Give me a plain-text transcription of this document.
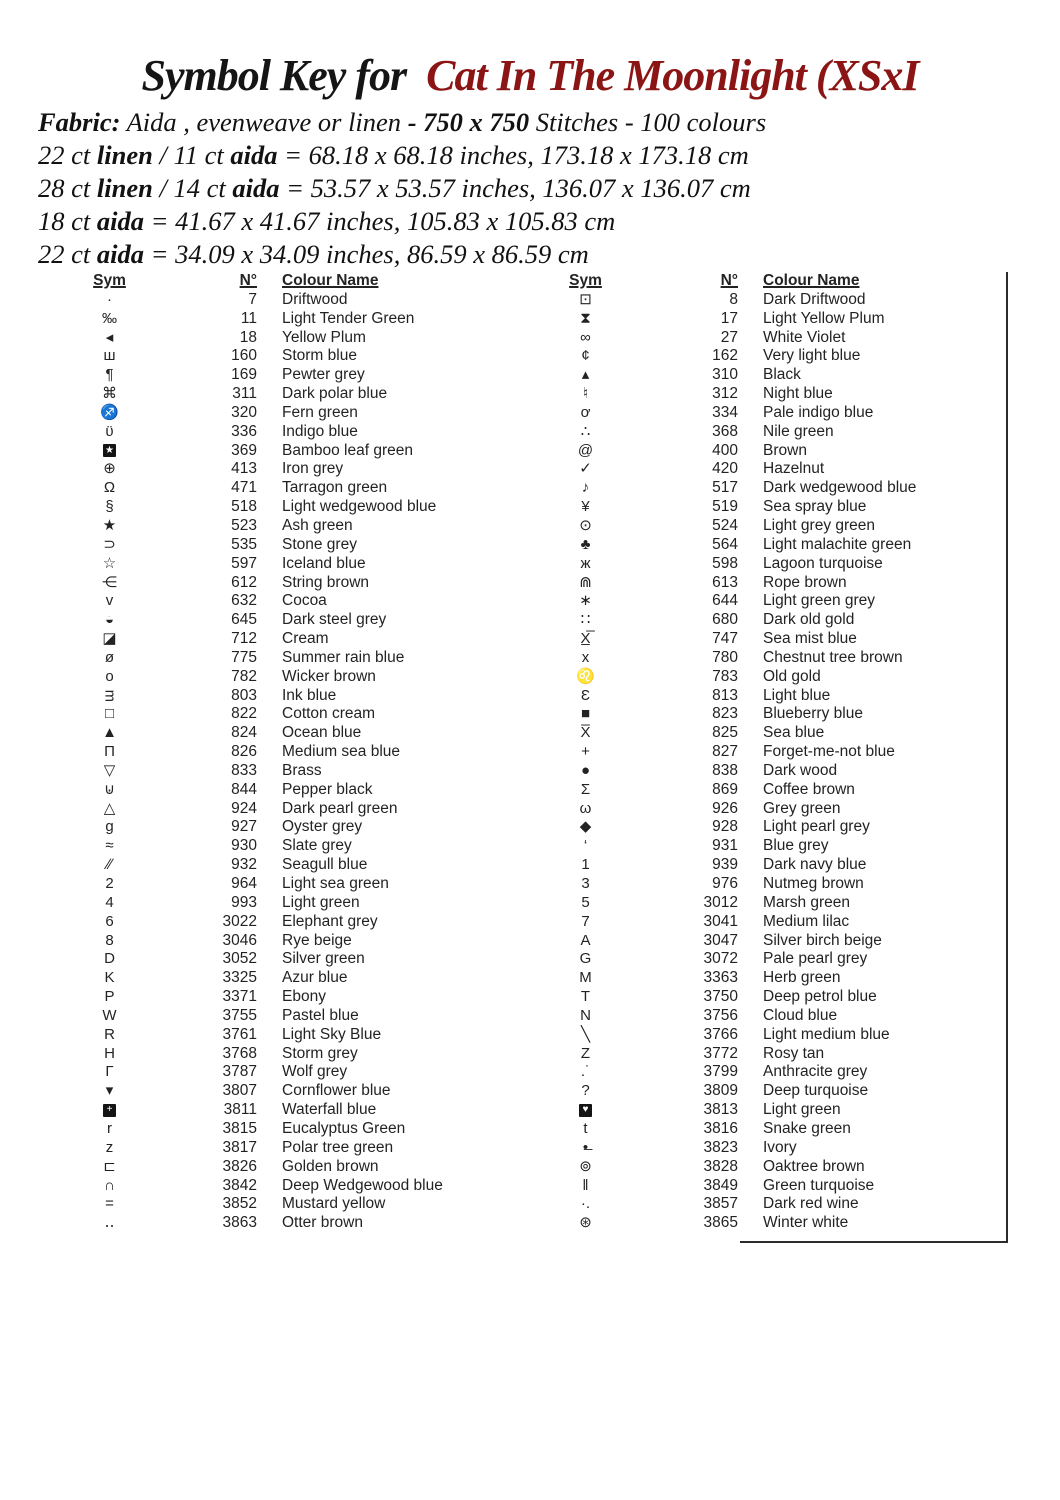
Symbol Key for Cat In The Moonlight (XSxI
Fabric: Aida , evenweave or linen - 750 x 750 Stitches - 100 colours
22 ct linen / 11 ct aida = 68.18 x 68.18 inches, 173.18 x 173.18 cm
28 ct linen / 14 ct aida = 53.57 x 53.57 inches, 136.07 x 136.07 cm
18 ct aida = 41.67 x 41.67 inches, 105.83 x 105.83 cm
22 ct aida = 34.09 x 34.09 inches, 86.59 x 86.59 cm
Sym	N°	Colour Name
·	7	Driftwood
‰	11	Light Tender Green
◂	18	Yellow Plum
ш	160	Storm blue
¶	169	Pewter grey
⌘	311	Dark polar blue
♐	320	Fern green
ϋ	336	Indigo blue
★	369	Bamboo leaf green
⊕	413	Iron grey
Ω	471	Tarragon green
§	518	Light wedgewood blue
★	523	Ash green
⊃	535	Stone grey
☆	597	Iceland blue
⋲	612	String brown
v	632	Cocoa
◒	645	Dark steel grey
◪	712	Cream
ø	775	Summer rain blue
o	782	Wicker brown
ᴟ	803	Ink blue
□	822	Cotton cream
▲	824	Ocean blue
Π	826	Medium sea blue
▽	833	Brass
⊍	844	Pepper black
△	924	Dark pearl green
g	927	Oyster grey
≈	930	Slate grey
∕∕	932	Seagull blue
2	964	Light sea green
4	993	Light green
6	3022	Elephant grey
8	3046	Rye beige
D	3052	Silver green
K	3325	Azur blue
P	3371	Ebony
W	3755	Pastel blue
R	3761	Light Sky Blue
H	3768	Storm grey
Γ	3787	Wolf grey
▾	3807	Cornflower blue
+	3811	Waterfall blue
r	3815	Eucalyptus Green
z	3817	Polar tree green
⊏	3826	Golden brown
∩	3842	Deep Wedgewood blue
=	3852	Mustard yellow
‥	3863	Otter brown
Sym	N°	Colour Name
⊡	8	Dark Driftwood
⧗	17	Light Yellow Plum
∞	27	White Violet
¢	162	Very light blue
▴	310	Black
♮	312	Night blue
ơ	334	Pale indigo blue
∴	368	Nile green
@	400	Brown
✓	420	Hazelnut
♪	517	Dark wedgewood blue
¥	519	Sea spray blue
⊙	524	Light grey green
♣	564	Light malachite green
ж	598	Lagoon turquoise
⋒	613	Rope brown
∗	644	Light green grey
∷	680	Dark old gold
X̲̅	747	Sea mist blue
x	780	Chestnut tree brown
♌	783	Old gold
Ɛ	813	Light blue
■	823	Blueberry blue
X̅	825	Sea blue
+	827	Forget-me-not blue
●	838	Dark wood
Σ	869	Coffee brown
ω	926	Grey green
◆	928	Light pearl grey
‘	931	Blue grey
1	939	Dark navy blue
3	976	Nutmeg brown
5	3012	Marsh green
7	3041	Medium lilac
A	3047	Silver birch beige
G	3072	Pale pearl grey
M	3363	Herb green
T	3750	Deep petrol blue
N	3756	Cloud blue
╲	3766	Light medium blue
Z	3772	Rosy tan
.˙	3799	Anthracite grey
?	3809	Deep turquoise
♥	3813	Light green
t	3816	Snake green
•̶	3823	Ivory
⊚	3828	Oaktree brown
‖	3849	Green turquoise
·.	3857	Dark red wine
⊛	3865	Winter white
